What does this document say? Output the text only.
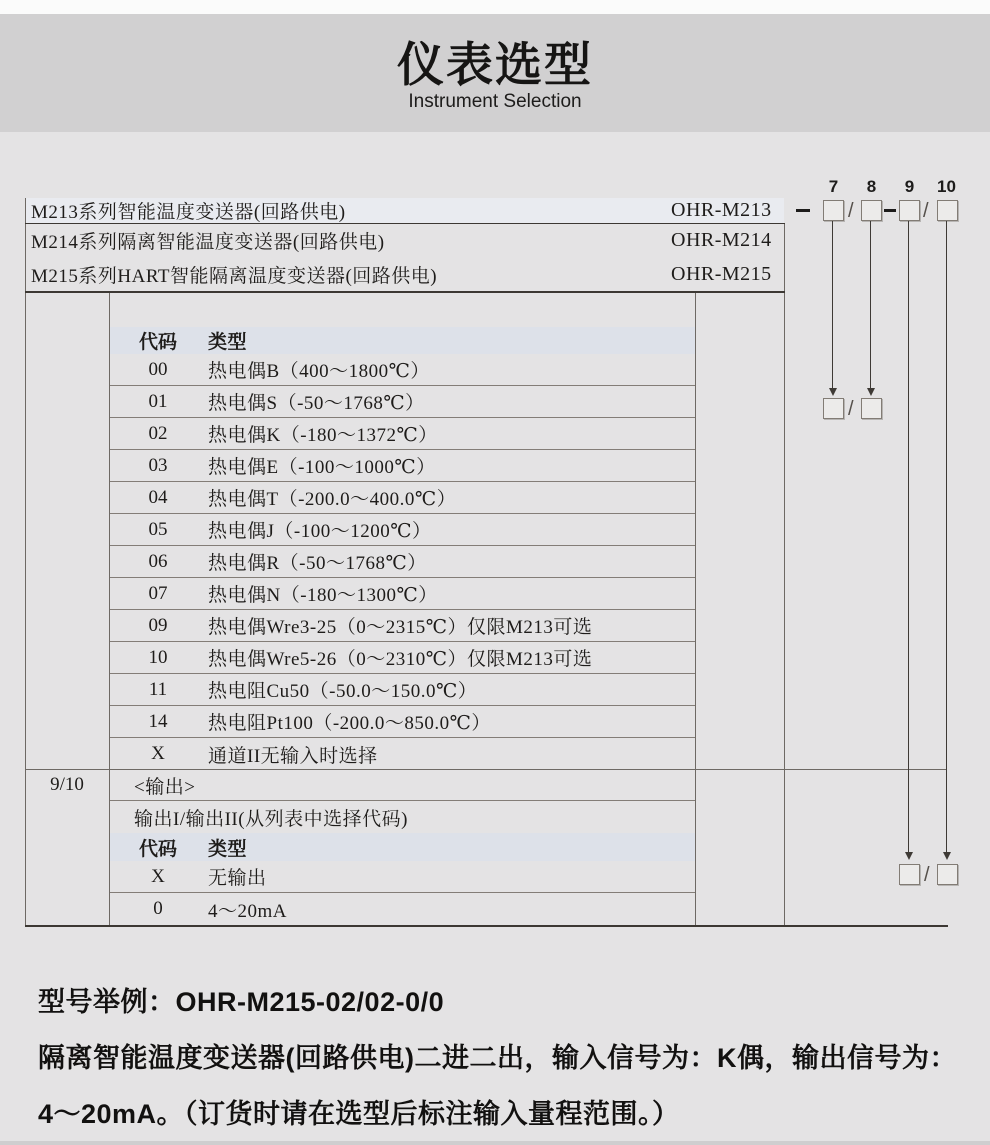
仪表选型
Instrument Selection
M213系列智能温度变送器(回路供电)	OHR-M213
M214系列隔离智能温度变送器(回路供电)	OHR-M214
M215系列HART智能隔离温度变送器(回路供电)	OHR-M215
代码	类型
00	热电偶B（400～1800℃）
01	热电偶S（-50～1768℃）
02	热电偶K（-180～1372℃）
03	热电偶E（-100～1000℃）
04	热电偶T（-200.0～400.0℃）
05	热电偶J（-100～1200℃）
06	热电偶R（-50～1768℃）
07	热电偶N（-180～1300℃）
09	热电偶Wre3-25（0～2315℃）仅限M213可选
10	热电偶Wre5-26（0～2310℃）仅限M213可选
11	热电阻Cu50（-50.0～150.0℃）
14	热电阻Pt100（-200.0～850.0℃）
X	通道II无输入时选择
9/10	<输出>
输出I/输出II(从列表中选择代码)
代码	类型
X	无输出
0	4～20mA
7	8	9	10
/	/
/
/
型号举例：OHR-M215-02/02-0/0
隔离智能温度变送器(回路供电)二进二出，输入信号为：K偶，输出信号为：
4～20mA。（订货时请在选型后标注输入量程范围。）
